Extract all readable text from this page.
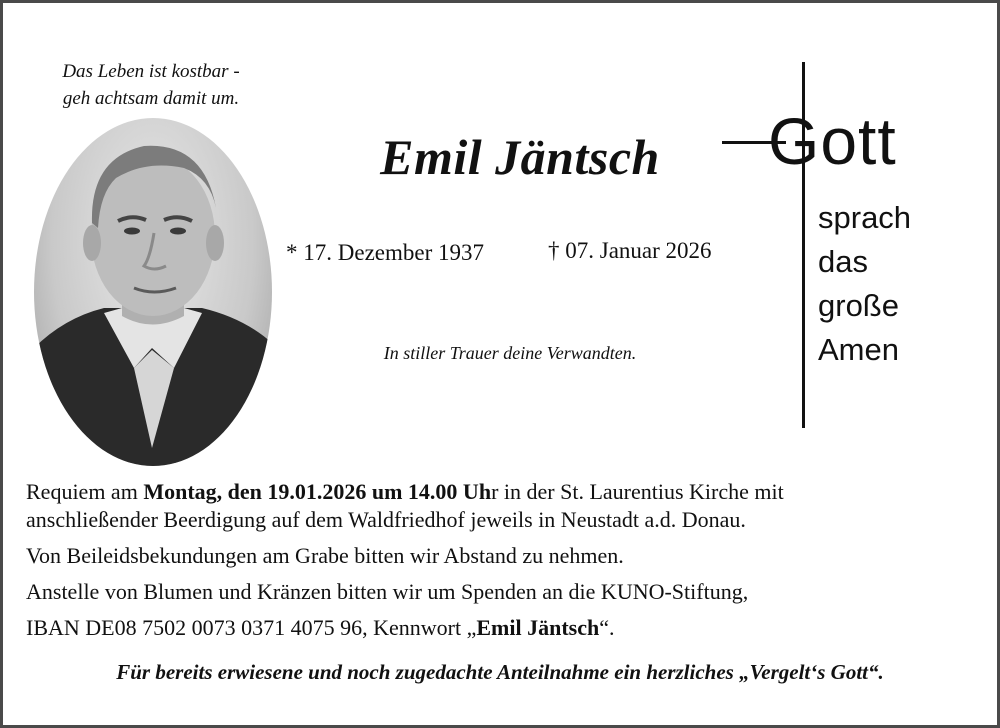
Das Leben ist kostbar -
geh achtsam damit um.
Emil Jäntsch
* 17. Dezember 1937	† 07. Januar 2026
In stiller Trauer deine Verwandten.
Gott
sprach
das
große
Amen

Requiem am Montag, den 19.01.2026 um 14.00 Uhr in der St. Laurentius Kirche mit
anschließender Beerdigung auf dem Waldfriedhof jeweils in Neustadt a.d. Donau.

Von Beileidsbekundungen am Grabe bitten wir Abstand zu nehmen.

Anstelle von Blumen und Kränzen bitten wir um Spenden an die KUNO-Stiftung,

IBAN DE08 7502 0073 0371 4075 96, Kennwort „Emil Jäntsch“.

Für bereits erwiesene und noch zugedachte Anteilnahme ein herzliches „Vergelt‘s Gott“.
